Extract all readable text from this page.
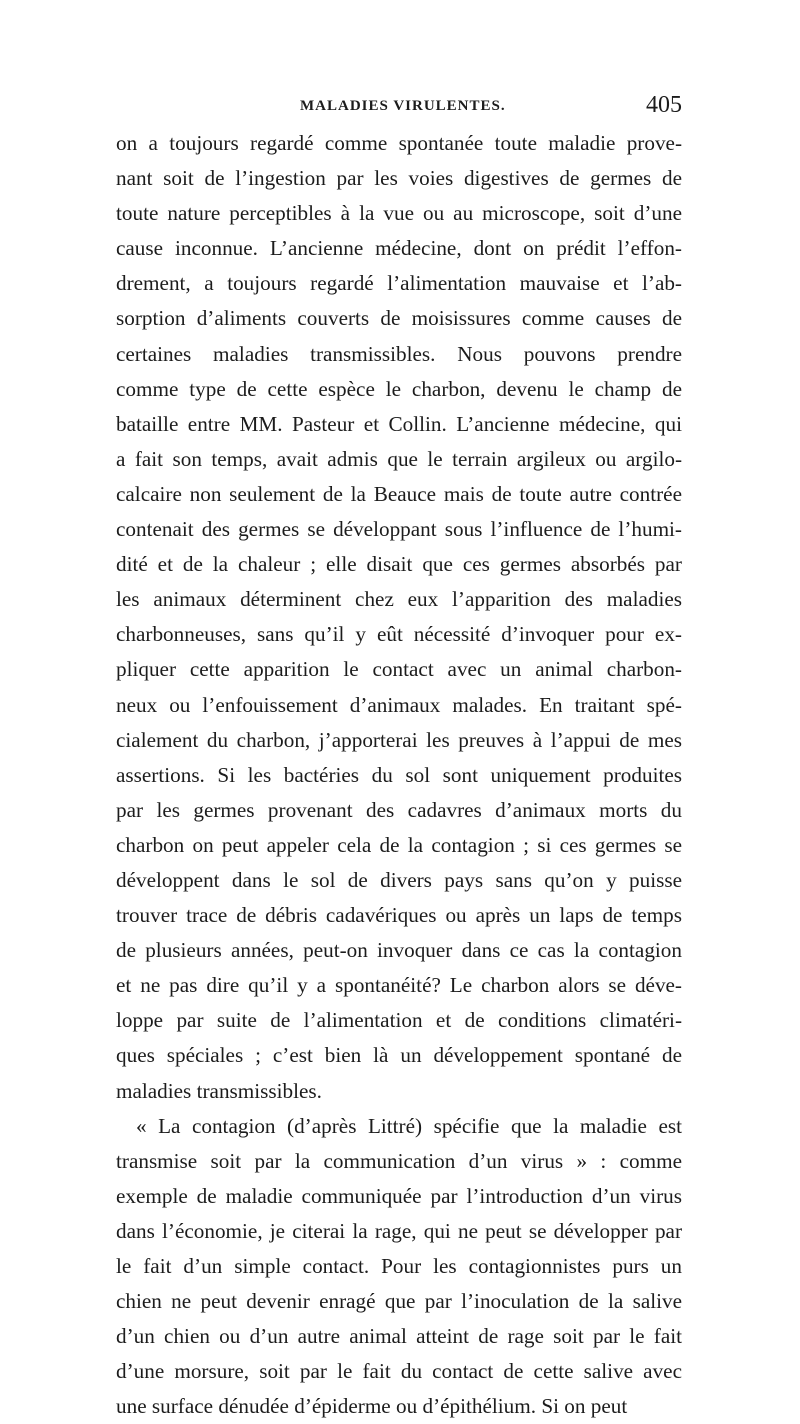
MALADIES VIRULENTES.	405
on a toujours regardé comme spontanée toute maladie prove-
nant soit de l’ingestion par les voies digestives de germes de
toute nature perceptibles à la vue ou au microscope, soit d’une
cause inconnue. L’ancienne médecine, dont on prédit l’effon-
drement, a toujours regardé l’alimentation mauvaise et l’ab-
sorption d’aliments couverts de moisissures comme causes de
certaines maladies transmissibles. Nous pouvons prendre
comme type de cette espèce le charbon, devenu le champ de
bataille entre MM. Pasteur et Collin. L’ancienne médecine, qui
a fait son temps, avait admis que le terrain argileux ou argilo-
calcaire non seulement de la Beauce mais de toute autre contrée
contenait des germes se développant sous l’influence de l’humi-
dité et de la chaleur ; elle disait que ces germes absorbés par
les animaux déterminent chez eux l’apparition des maladies
charbonneuses, sans qu’il y eût nécessité d’invoquer pour ex-
pliquer cette apparition le contact avec un animal charbon-
neux ou l’enfouissement d’animaux malades. En traitant spé-
cialement du charbon, j’apporterai les preuves à l’appui de mes
assertions. Si les bactéries du sol sont uniquement produites
par les germes provenant des cadavres d’animaux morts du
charbon on peut appeler cela de la contagion ; si ces germes se
développent dans le sol de divers pays sans qu’on y puisse
trouver trace de débris cadavériques ou après un laps de temps
de plusieurs années, peut-on invoquer dans ce cas la contagion
et ne pas dire qu’il y a spontanéité? Le charbon alors se déve-
loppe par suite de l’alimentation et de conditions climatéri-
ques spéciales ; c’est bien là un développement spontané de
maladies transmissibles.
« La contagion (d’après Littré) spécifie que la maladie est
transmise soit par la communication d’un virus » : comme
exemple de maladie communiquée par l’introduction d’un virus
dans l’économie, je citerai la rage, qui ne peut se développer par
le fait d’un simple contact. Pour les contagionnistes purs un
chien ne peut devenir enragé que par l’inoculation de la salive
d’un chien ou d’un autre animal atteint de rage soit par le fait
d’une morsure, soit par le fait du contact de cette salive avec
une surface dénudée d’épiderme ou d’épithélium. Si on peut
